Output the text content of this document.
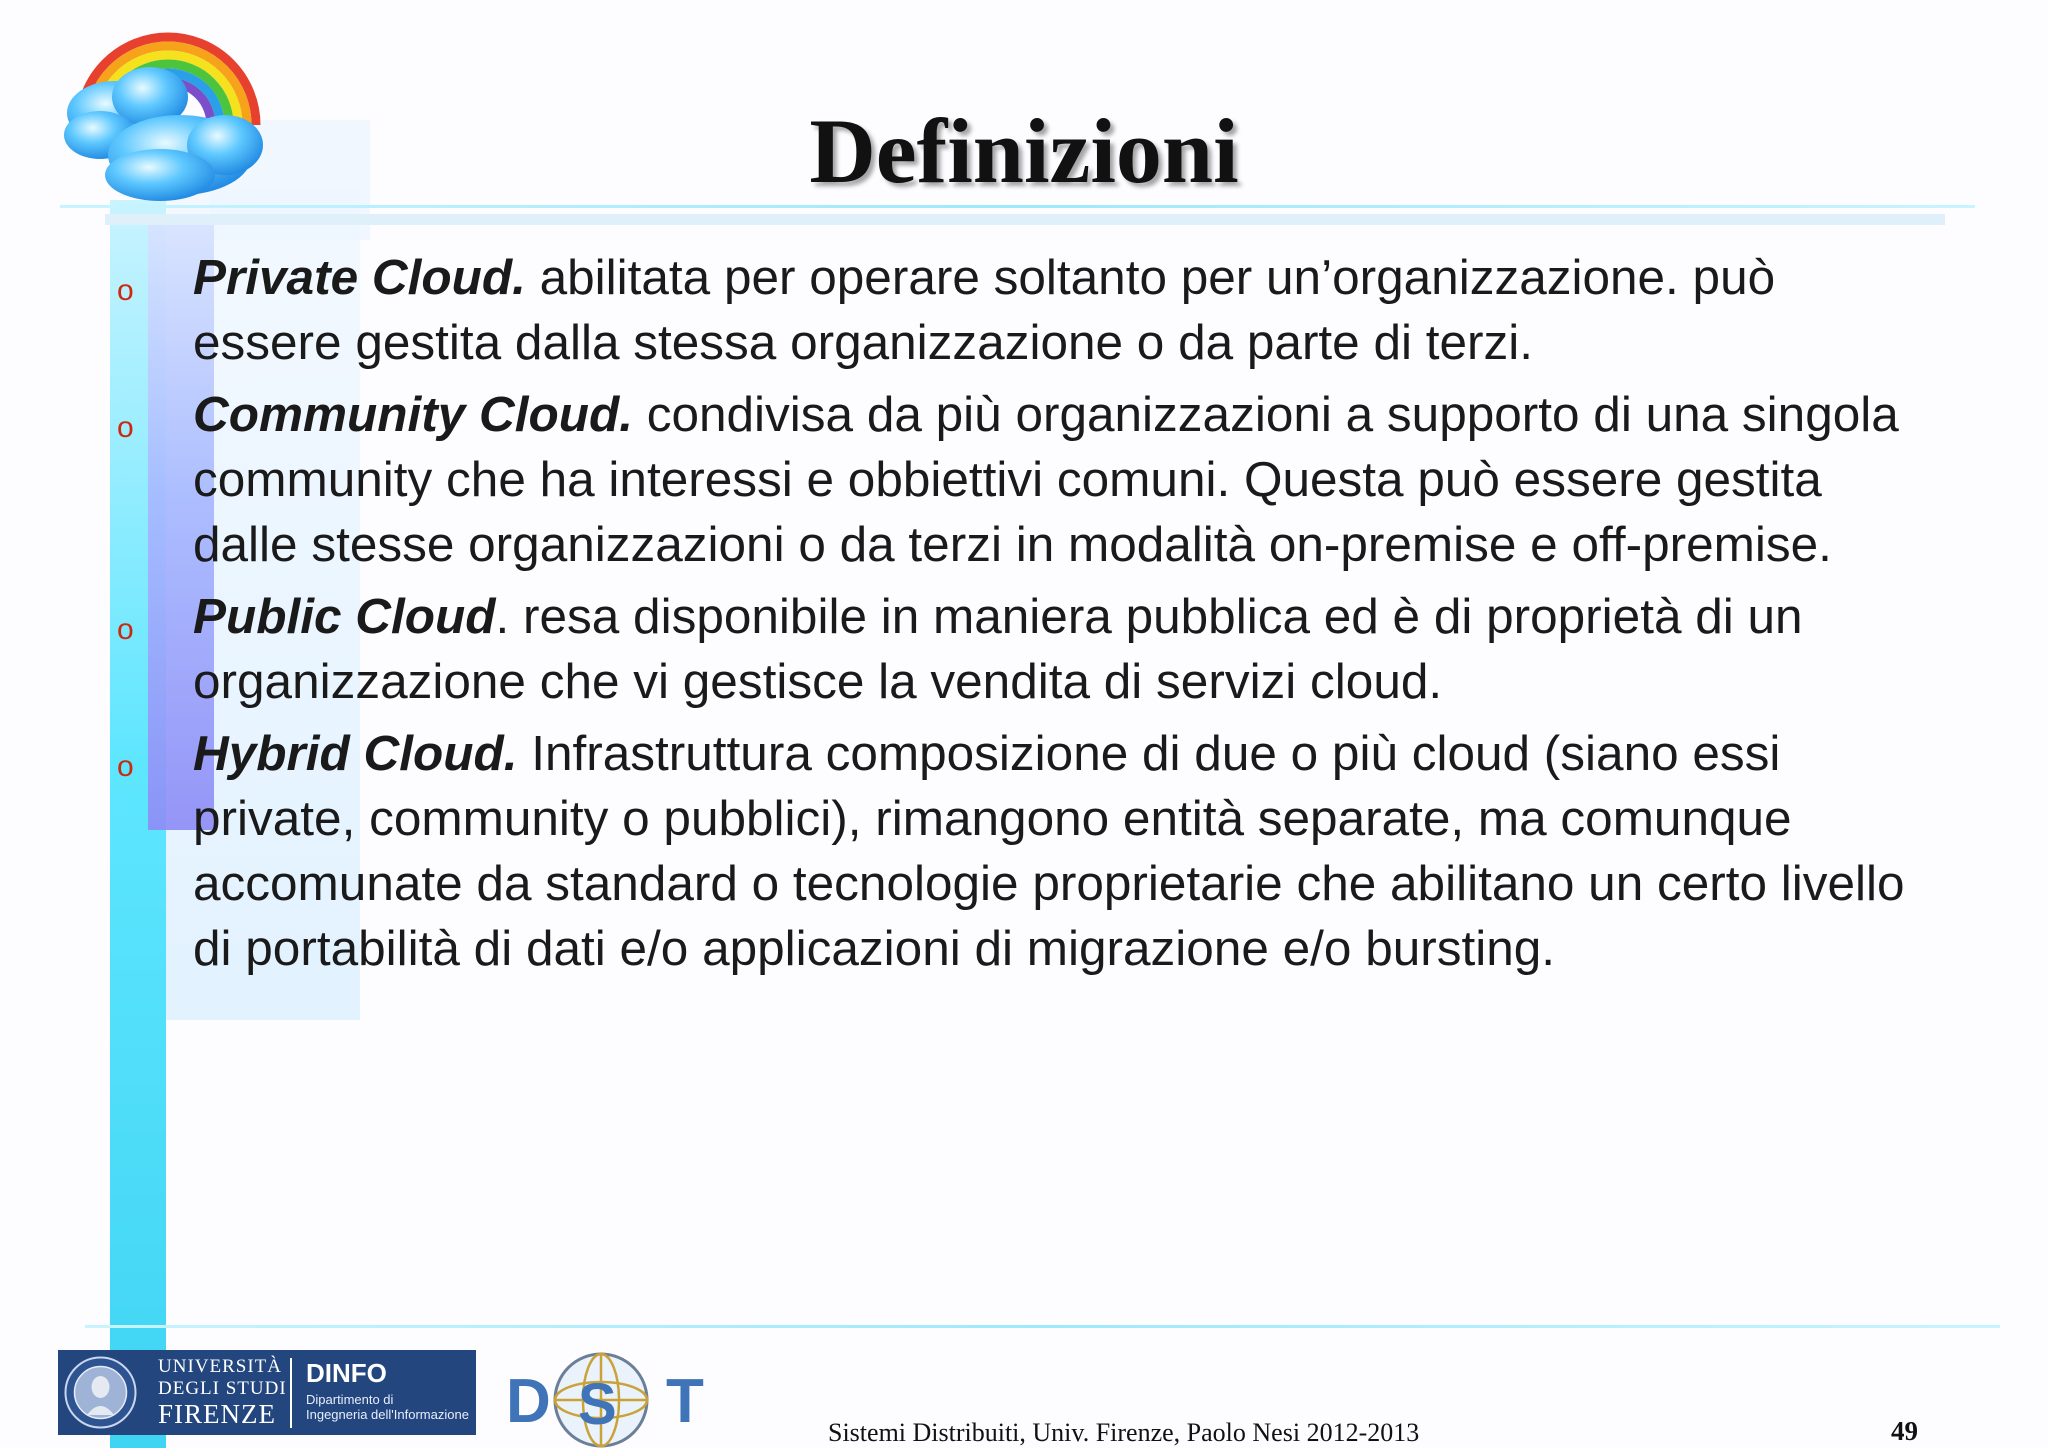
Definizioni
o Private Cloud. abilitata per operare soltanto per un’organizzazione. può essere gestita dalla stessa organizzazione o da parte di terzi.
o Community Cloud. condivisa da più organizzazioni a supporto di una singola community che ha interessi e obbiettivi comuni. Questa può essere gestita dalle stesse organizzazioni o da terzi in modalità on-premise e off-premise.
o Public Cloud. resa disponibile in maniera pubblica ed è di proprietà di un organizzazione che vi gestisce la vendita di servizi cloud.
o Hybrid Cloud. Infrastruttura composizione di due o più cloud (siano essi private, community o pubblici), rimangono entità separate, ma comunque accomunate da standard o tecnologie proprietarie che abilitano un certo livello di portabilità di dati e/o applicazioni di migrazione e/o bursting.
UNIVERSITÀ
DEGLI STUDI
FIRENZE
DINFO
Dipartimento di
Ingegneria dell'Informazione D S T	Sistemi Distribuiti, Univ. Firenze, Paolo Nesi 2012-2013	49
